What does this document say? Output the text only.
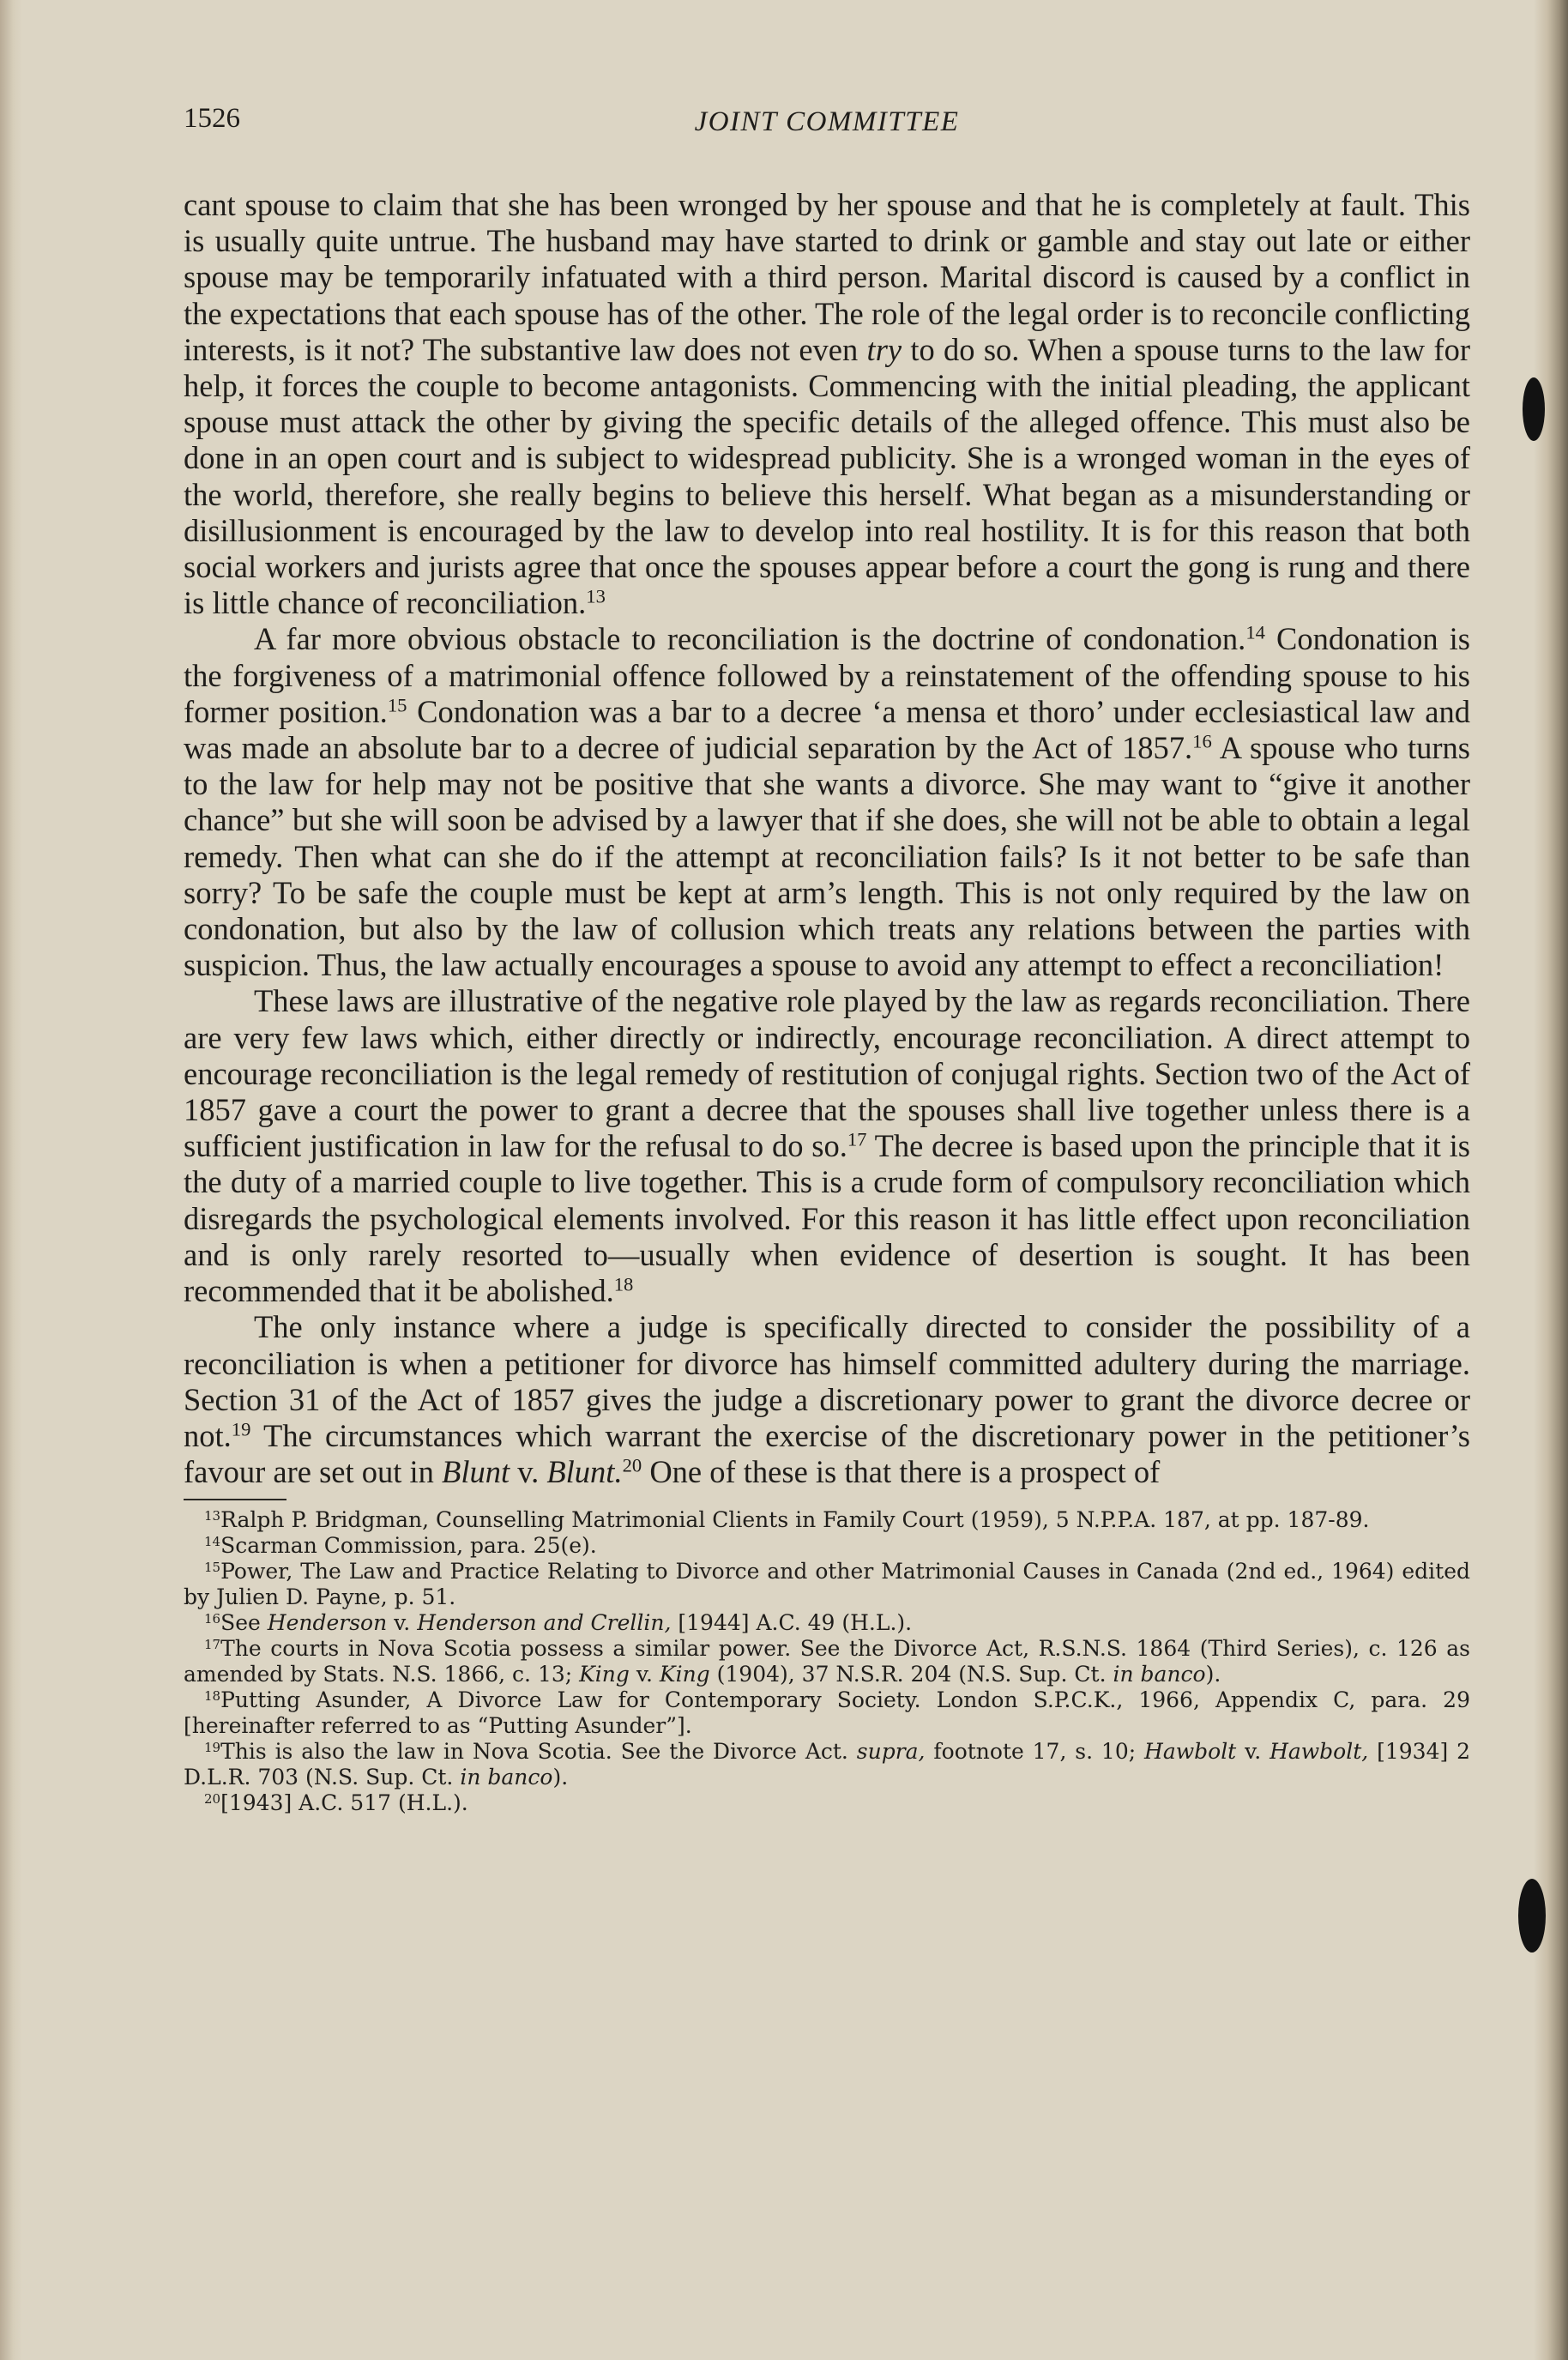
1526	JOINT COMMITTEE

cant spouse to claim that she has been wronged by her spouse and that he is completely at fault. This is usually quite untrue. The husband may have started to drink or gamble and stay out late or either spouse may be temporarily infatuated with a third person. Marital discord is caused by a conflict in the expectations that each spouse has of the other. The role of the legal order is to reconcile conflicting interests, is it not? The substantive law does not even try to do so. When a spouse turns to the law for help, it forces the couple to become antagonists. Commencing with the initial pleading, the applicant spouse must attack the other by giving the specific details of the alleged offence. This must also be done in an open court and is subject to widespread publicity. She is a wronged woman in the eyes of the world, therefore, she really begins to believe this herself. What began as a misunderstanding or disillusionment is encouraged by the law to develop into real hostility. It is for this reason that both social workers and jurists agree that once the spouses appear before a court the gong is rung and there is little chance of reconciliation.$^{13}$

A far more obvious obstacle to reconciliation is the doctrine of condonation.$^{14}$ Condonation is the forgiveness of a matrimonial offence followed by a reinstatement of the offending spouse to his former position.$^{15}$ Condonation was a bar to a decree ‘a mensa et thoro’ under ecclesiastical law and was made an absolute bar to a decree of judicial separation by the Act of 1857.16 A spouse who turns to the law for help may not be positive that she wants a divorce. She may want to “give it another chance” but she will soon be advised by a lawyer that if she does, she will not be able to obtain a legal remedy. Then what can she do if the attempt at reconciliation fails? Is it not better to be safe than sorry? To be safe the couple must be kept at arm’s length. This is not only required by the law on condonation, but also by the law of collusion which treats any relations between the parties with suspicion. Thus, the law actually encourages a spouse to avoid any attempt to effect a reconciliation!

These laws are illustrative of the negative role played by the law as regards reconciliation. There are very few laws which, either directly or indirectly, encourage reconciliation. A direct attempt to encourage reconciliation is the legal remedy of restitution of conjugal rights. Section two of the Act of 1857 gave a court the power to grant a decree that the spouses shall live together unless there is a sufficient justification in law for the refusal to do so.$^{17}$ The decree is based upon the principle that it is the duty of a married couple to live together. This is a crude form of compulsory reconciliation which disregards the psychological elements involved. For this reason it has little effect upon reconciliation and is only rarely resorted to—usually when evidence of desertion is sought. It has been recommended that it be abolished.$^{18}$

The only instance where a judge is specifically directed to consider the possibility of a reconciliation is when a petitioner for divorce has himself committed adultery during the marriage. Section 31 of the Act of 1857 gives the judge a discretionary power to grant the divorce decree or not.$^{19}$ The circumstances which warrant the exercise of the discretionary power in the petitioner’s favour are set out in Blunt v. Blunt.$^{20}$ One of these is that there is a prospect of

$^{13}$Ralph P. Bridgman, Counselling Matrimonial Clients in Family Court (1959), 5 N.P.P.A. 187, at pp. 187-89.

$^{14}$Scarman Commission, para. 25(e).

$^{15}$Power, The Law and Practice Relating to Divorce and other Matrimonial Causes in Canada (2nd ed., 1964) edited by Julien D. Payne, p. 51.

$^{16}$See Henderson v. Henderson and Crellin, [1944] A.C. 49 (H.L.).

$^{17}$The courts in Nova Scotia possess a similar power. See the Divorce Act, R.S.N.S. 1864 (Third Series), c. 126 as amended by Stats. N.S. 1866, c. 13; King v. King (1904), 37 N.S.R. 204 (N.S. Sup. Ct. in banco).

$^{18}$Putting Asunder, A Divorce Law for Contemporary Society. London S.P.C.K., 1966, Appendix C, para. 29 [hereinafter referred to as “Putting Asunder”].

$^{19}$This is also the law in Nova Scotia. See the Divorce Act. supra, footnote 17, s. 10; Hawbolt v. Hawbolt, [1934] 2 D.L.R. 703 (N.S. Sup. Ct. in banco).

$^{20}$[1943] A.C. 517 (H.L.).
